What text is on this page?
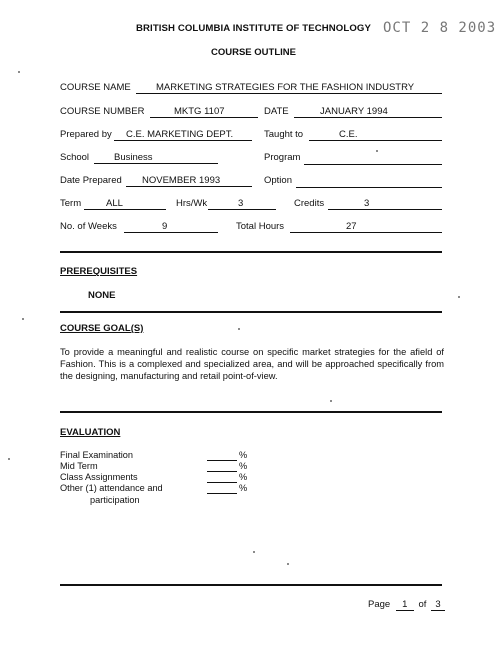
BRITISH COLUMBIA INSTITUTE OF TECHNOLOGY OCT 2 8 2003
COURSE OUTLINE
COURSE NAME	MARKETING STRATEGIES FOR THE FASHION INDUSTRY
COURSE NUMBER	MKTG 1107	DATE	JANUARY 1994
Prepared by	C.E. MARKETING DEPT.	Taught to	C.E.
School	Business	Program
Date Prepared	NOVEMBER 1993	Option
Term	ALL	Hrs/Wk	3	Credits	3
No. of Weeks	9	Total Hours	27
PREREQUISITES
NONE
COURSE GOAL(S)
To provide a meaningful and realistic course on specific market strategies for the afield of Fashion. This is a complexed and specialized area, and will be approached specifically from the designing, manufacturing and retail point-of-view.
EVALUATION
Final Examination	%
Mid Term	%
Class Assignments	%
Other (1) attendance and	%
participation
Page 1 of 3
